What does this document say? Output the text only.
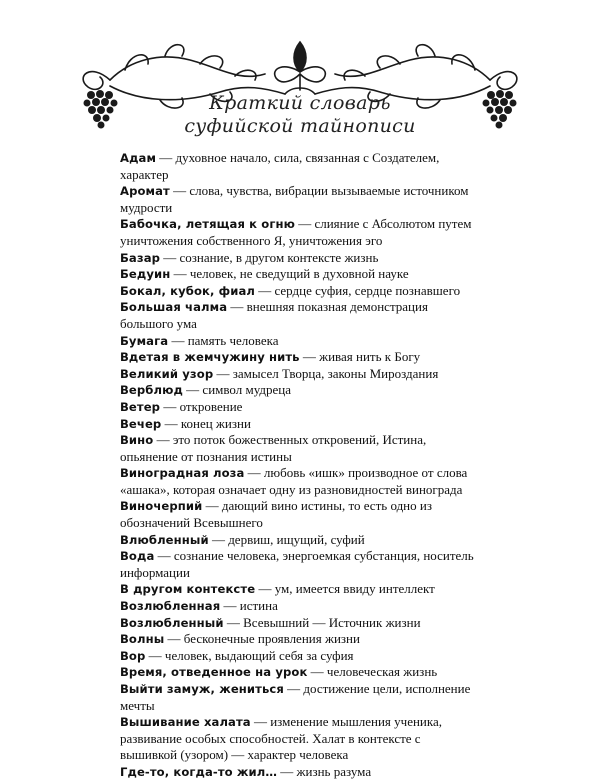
Краткий словарь
суфийской тайнописи

Адам — духовное начало, сила, связанная с Создателем, характер

Аромат — слова, чувства, вибрации вызываемые источником мудрости

Бабочка, летящая к огню — слияние с Абсолютом путем уничтожения собственного Я, уничтожения эго

Базар — сознание, в другом контексте жизнь

Бедуин — человек, не сведущий в духовной науке

Бокал, кубок, фиал — сердце суфия, сердце познавшего

Большая чалма — внешняя показная демонстрация большого ума

Бумага — память человека

Вдетая в жемчужину нить — живая нить к Богу

Великий узор — замысел Творца, законы Мироздания

Верблюд — символ мудреца

Ветер — откровение

Вечер — конец жизни

Вино — это поток божественных откровений, Истина, опьянение от познания истины

Виноградная лоза — любовь «ишк» производное от слова «ашака», которая означает одну из разновидностей винограда

Виночерпий — дающий вино истины, то есть одно из обозначений Всевышнего

Влюбленный — дервиш, ищущий, суфий

Вода — сознание человека, энергоемкая субстанция, носитель информации

В другом контексте — ум, имеется ввиду интеллект

Возлюбленная — истина

Возлюбленный — Всевышний — Источник жизни

Волны — бесконечные проявления жизни

Вор — человек, выдающий себя за суфия

Время, отведенное на урок — человеческая жизнь

Выйти замуж, жениться — достижение цели, исполнение мечты

Вышивание халата — изменение мышления ученика, развивание особых способностей. Халат в контексте с вышивкой (узором) — характер человека

Где-то, когда-то жил… — жизнь разума
